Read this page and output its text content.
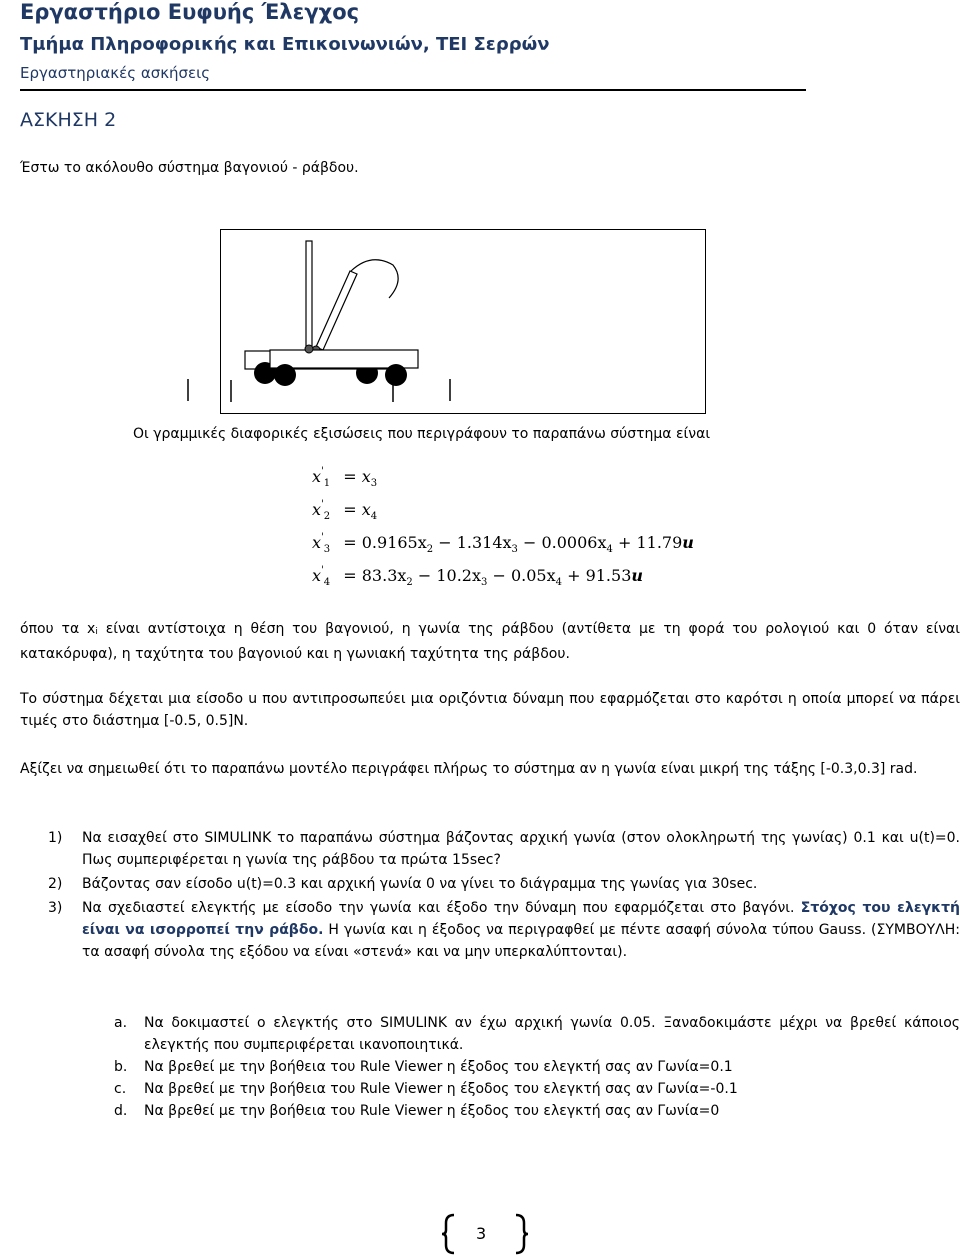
Εργαστήριο Ευφυής Έλεγχος
Τμήμα Πληροφορικής και Επικοινωνιών, ΤΕΙ Σερρών
Εργαστηριακές ασκήσεις
ΑΣΚΗΣΗ 2
Έστω το ακόλουθο σύστημα βαγονιού - ράβδου.
Οι γραμμικές διαφορικές εξισώσεις που περιγράφουν το παραπάνω σύστημα είναι
$x'_1 = x_3$
$x'_2 = x_4$
$x'_3 = 0.9165x_2 - 1.314x_3 - 0.0006x_4 + 11.79u$
$x'_4 = 83.3x_2 - 10.2x_3 - 0.05x_4 + 91.53u$
όπου τα xi είναι αντίστοιχα η θέση του βαγονιού, η γωνία της ράβδου (αντίθετα με τη φορά του ρολογιού και 0 όταν είναι κατακόρυφα), η ταχύτητα του βαγονιού και η γωνιακή ταχύτητα της ράβδου.
Το σύστημα δέχεται μια είσοδο u που αντιπροσωπεύει μια οριζόντια δύναμη που εφαρμόζεται στο καρότσι η οποία μπορεί να πάρει τιμές στο διάστημα [-0.5, 0.5]N.
Αξίζει να σημειωθεί ότι το παραπάνω μοντέλο περιγράφει πλήρως το σύστημα αν η γωνία είναι μικρή της τάξης [-0.3,0.3] rad.
1) Να εισαχθεί στο SIMULINK το παραπάνω σύστημα βάζοντας αρχική γωνία (στον ολοκληρωτή της γωνίας) 0.1 και u(t)=0. Πως συμπεριφέρεται η γωνία της ράβδου τα πρώτα 15sec?
2) Βάζοντας σαν είσοδο u(t)=0.3 και αρχική γωνία 0 να γίνει το διάγραμμα της γωνίας για 30sec.
3) Να σχεδιαστεί ελεγκτής με είσοδο την γωνία και έξοδο την δύναμη που εφαρμόζεται στο βαγόνι. Στόχος του ελεγκτή είναι να ισορροπεί την ράβδο. Η γωνία και η έξοδος να περιγραφθεί με πέντε ασαφή σύνολα τύπου Gauss. (ΣΥΜΒΟΥΛΗ: τα ασαφή σύνολα της εξόδου να είναι «στενά» και να μην υπερκαλύπτονται).
a. Να δοκιμαστεί ο ελεγκτής στο SIMULINK αν έχω αρχική γωνία 0.05. Ξαναδοκιμάστε μέχρι να βρεθεί κάποιος ελεγκτής που συμπεριφέρεται ικανοποιητικά.
b. Να βρεθεί με την βοήθεια του Rule Viewer η έξοδος του ελεγκτή σας αν Γωνία=0.1
c. Να βρεθεί με την βοήθεια του Rule Viewer η έξοδος του ελεγκτή σας αν Γωνία=-0.1
d. Να βρεθεί με την βοήθεια του Rule Viewer η έξοδος του ελεγκτή σας αν Γωνία=0
3
